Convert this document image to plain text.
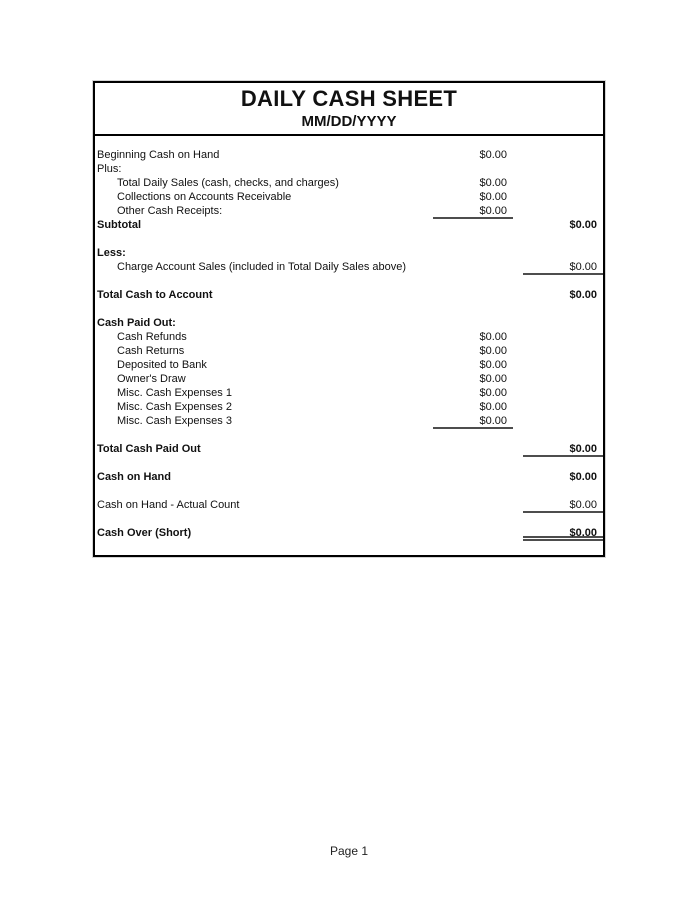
DAILY CASH SHEET
MM/DD/YYYY
Beginning Cash on Hand	$0.00
Plus:
Total Daily Sales (cash, checks, and charges)	$0.00
Collections on Accounts Receivable	$0.00
Other Cash Receipts:	$0.00
Subtotal	$0.00
Less:
Charge Account Sales (included in Total Daily Sales above)	$0.00
Total Cash to Account	$0.00
Cash Paid Out:
Cash Refunds	$0.00
Cash Returns	$0.00
Deposited to Bank	$0.00
Owner's Draw	$0.00
Misc. Cash Expenses 1	$0.00
Misc. Cash Expenses 2	$0.00
Misc. Cash Expenses 3	$0.00
Total Cash Paid Out	$0.00
Cash on Hand	$0.00
Cash on Hand - Actual Count	$0.00
Cash Over (Short)	$0.00
Page 1
